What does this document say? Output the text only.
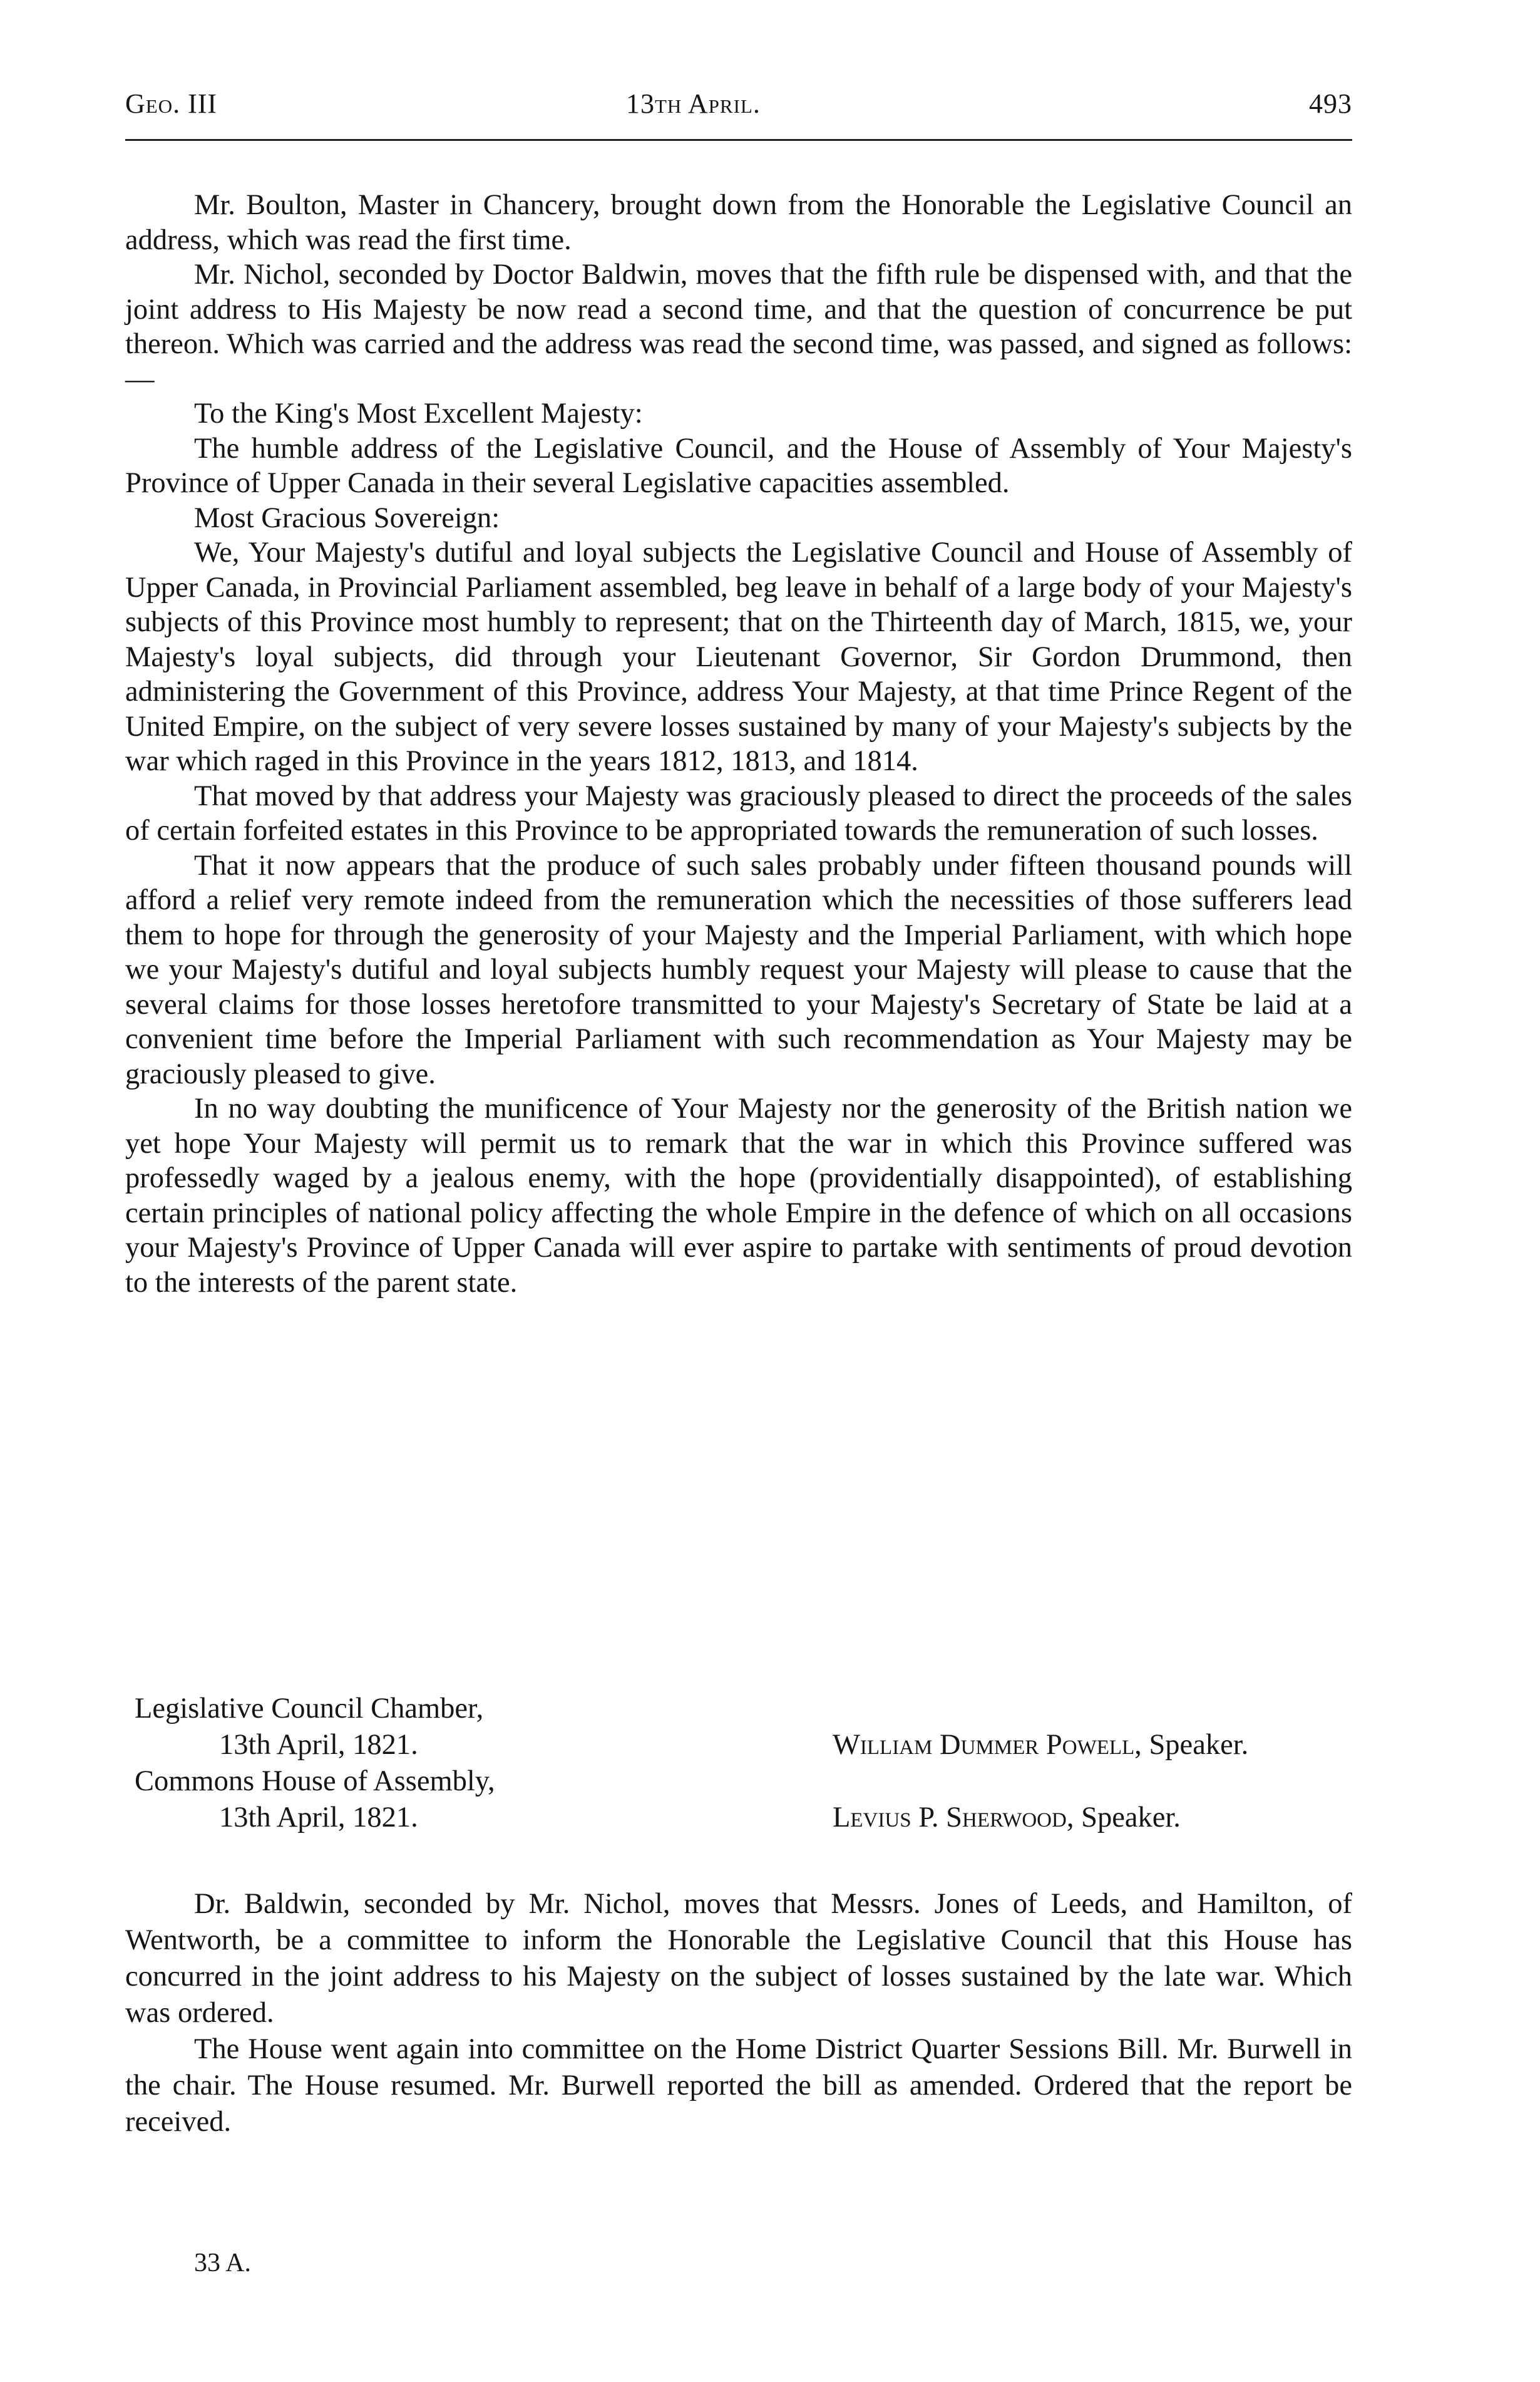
Geo. III	13th April.	493

Mr. Boulton, Master in Chancery, brought down from the Honorable the Legislative Council an address, which was read the first time.

Mr. Nichol, seconded by Doctor Baldwin, moves that the fifth rule be dispensed with, and that the joint address to His Majesty be now read a second time, and that the question of concurrence be put thereon. Which was carried and the address was read the second time, was passed, and signed as follows:—

To the King's Most Excellent Majesty:

The humble address of the Legislative Council, and the House of Assembly of Your Majesty's Province of Upper Canada in their several Legislative capacities assembled.

Most Gracious Sovereign:

We, Your Majesty's dutiful and loyal subjects the Legislative Council and House of Assembly of Upper Canada, in Provincial Parliament assembled, beg leave in behalf of a large body of your Majesty's subjects of this Province most humbly to represent; that on the Thirteenth day of March, 1815, we, your Majesty's loyal subjects, did through your Lieutenant Governor, Sir Gordon Drummond, then administering the Government of this Province, address Your Majesty, at that time Prince Regent of the United Empire, on the subject of very severe losses sustained by many of your Majesty's subjects by the war which raged in this Province in the years 1812, 1813, and 1814.

That moved by that address your Majesty was graciously pleased to direct the proceeds of the sales of certain forfeited estates in this Province to be appropriated towards the remuneration of such losses.

That it now appears that the produce of such sales probably under fifteen thousand pounds will afford a relief very remote indeed from the remuneration which the necessities of those sufferers lead them to hope for through the generosity of your Majesty and the Imperial Parliament, with which hope we your Majesty's dutiful and loyal subjects humbly request your Majesty will please to cause that the several claims for those losses heretofore transmitted to your Majesty's Secretary of State be laid at a convenient time before the Imperial Parliament with such recommendation as Your Majesty may be graciously pleased to give.

In no way doubting the munificence of Your Majesty nor the generosity of the British nation we yet hope Your Majesty will permit us to remark that the war in which this Province suffered was professedly waged by a jealous enemy, with the hope (providentially disappointed), of establishing certain principles of national policy affecting the whole Empire in the defence of which on all occasions your Majesty's Province of Upper Canada will ever aspire to partake with sentiments of proud devotion to the interests of the parent state.

Legislative Council Chamber,
13th April, 1821.	William Dummer Powell, Speaker.
Commons House of Assembly,
13th April, 1821.	Levius P. Sherwood, Speaker.

Dr. Baldwin, seconded by Mr. Nichol, moves that Messrs. Jones of Leeds, and Hamilton, of Wentworth, be a committee to inform the Honorable the Legislative Council that this House has concurred in the joint address to his Majesty on the subject of losses sustained by the late war. Which was ordered.

The House went again into committee on the Home District Quarter Sessions Bill. Mr. Burwell in the chair. The House resumed. Mr. Burwell reported the bill as amended. Ordered that the report be received.

33 A.
